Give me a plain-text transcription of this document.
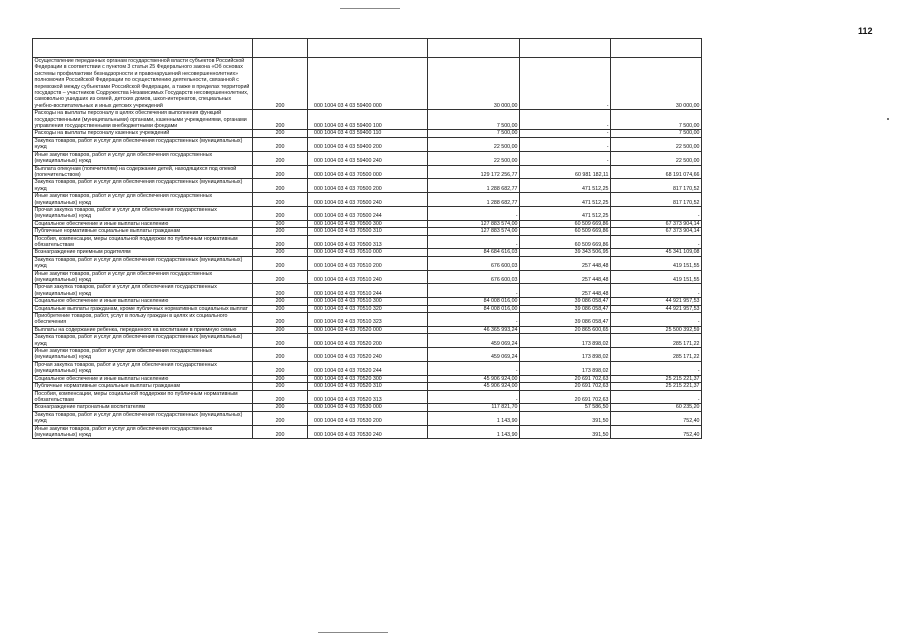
112

Осуществление переданных органам государственной власти субъектов Российской Федерации в соответствии с пунктом 3 статьи 25 Федерального закона «Об основах системы профилактики безнадзорности и правонарушений несовершеннолетних» полномочия Российской Федерации по осуществлению деятельности, связанной с перевозкой между субъектами Российской Федерации, а также в пределах территорий государств – участников Содружества Независимых Государств несовершеннолетних, самовольно ушедших из семей, детских домов, школ-интернатов, специальных учебно-воспитательных и иных детских учреждений	200	000 1004 03 4 03 59400 000	30 000,00	-	30 000,00
Расходы на выплаты персоналу в целях обеспечения выполнения функций государственными (муниципальными) органами, казенными учреждениями, органами управления государственными внебюджетными фондами	200	000 1004 03 4 03 59400 100	7 500,00	-	7 500,00
Расходы на выплаты персоналу казенных учреждений	200	000 1004 03 4 03 59400 110	7 500,00	-	7 500,00
Закупка товаров, работ и услуг для обеспечения государственных (муниципальных) нужд	200	000 1004 03 4 03 59400 200	22 500,00	-	22 500,00
Иные закупки товаров, работ и услуг для обеспечения государственных (муниципальных) нужд	200	000 1004 03 4 03 59400 240	22 500,00	-	22 500,00
Выплата опекунам (попечителям) на содержание детей, находящихся под опекой (попечительством)	200	000 1004 03 4 03 70500 000	129 172 256,77	60 981 182,11	68 191 074,66
Закупка товаров, работ и услуг для обеспечения государственных (муниципальных) нужд	200	000 1004 03 4 03 70500 200	1 288 682,77	471 512,25	817 170,52
Иные закупки товаров, работ и услуг для обеспечения государственных (муниципальных) нужд	200	000 1004 03 4 03 70500 240	1 288 682,77	471 512,25	817 170,52
Прочая закупка товаров, работ и услуг для обеспечения государственных (муниципальных) нужд	200	000 1004 03 4 03 70500 244	-	471 512,25	-
Социальное обеспечение и иные выплаты населению	200	000 1004 03 4 03 70500 300	127 883 574,00	60 509 669,86	67 373 904,14
Публичные нормативные социальные выплаты гражданам	200	000 1004 03 4 03 70500 310	127 883 574,00	60 509 669,86	67 373 904,14
Пособия, компенсации, меры социальной поддержки по публичным нормативным обязательствам	200	000 1004 03 4 03 70500 313	-	60 509 669,86	-
Вознаграждение приемным родителям	200	000 1004 03 4 03 70510 000	84 684 616,03	39 343 506,95	45 341 109,08
Закупка товаров, работ и услуг для обеспечения государственных (муниципальных) нужд	200	000 1004 03 4 03 70510 200	676 600,03	257 448,48	419 151,55
Иные закупки товаров, работ и услуг для обеспечения государственных (муниципальных) нужд	200	000 1004 03 4 03 70510 240	676 600,03	257 448,48	419 151,55
Прочая закупка товаров, работ и услуг для обеспечения государственных (муниципальных) нужд	200	000 1004 03 4 03 70510 244	-	257 448,48	-
Социальное обеспечение и иные выплаты населению	200	000 1004 03 4 03 70510 300	84 008 016,00	39 086 058,47	44 921 957,53
Социальные выплаты гражданам, кроме публичных нормативных социальных выплат	200	000 1004 03 4 03 70510 320	84 008 016,00	39 086 058,47	44 921 957,53
Приобретение товаров, работ, услуг в пользу граждан в целях их социального обеспечения	200	000 1004 03 4 03 70510 323	-	39 086 058,47	-
Выплаты на содержание ребенка, переданного на воспитание в приемную семью	200	000 1004 03 4 03 70520 000	46 365 993,24	20 865 600,65	25 500 392,59
Закупка товаров, работ и услуг для обеспечения государственных (муниципальных) нужд	200	000 1004 03 4 03 70520 200	459 069,24	173 898,02	285 171,22
Иные закупки товаров, работ и услуг для обеспечения государственных (муниципальных) нужд	200	000 1004 03 4 03 70520 240	459 069,24	173 898,02	285 171,22
Прочая закупка товаров, работ и услуг для обеспечения государственных (муниципальных) нужд	200	000 1004 03 4 03 70520 244	-	173 898,02	-
Социальное обеспечение и иные выплаты населению	200	000 1004 03 4 03 70520 300	45 906 924,00	20 691 702,63	25 215 221,37
Публичные нормативные социальные выплаты гражданам	200	000 1004 03 4 03 70520 310	45 906 924,00	20 691 702,63	25 215 221,37
Пособия, компенсации, меры социальной поддержки по публичным нормативным обязательствам	200	000 1004 03 4 03 70520 313	-	20 691 702,63	-
Вознаграждение патронатным воспитателям	200	000 1004 03 4 03 70530 000	117 821,70	57 586,50	60 235,20
Закупка товаров, работ и услуг для обеспечения государственных (муниципальных) нужд	200	000 1004 03 4 03 70530 200	1 143,90	391,50	752,40
Иные закупки товаров, работ и услуг для обеспечения государственных (муниципальных) нужд	200	000 1004 03 4 03 70530 240	1 143,90	391,50	752,40
